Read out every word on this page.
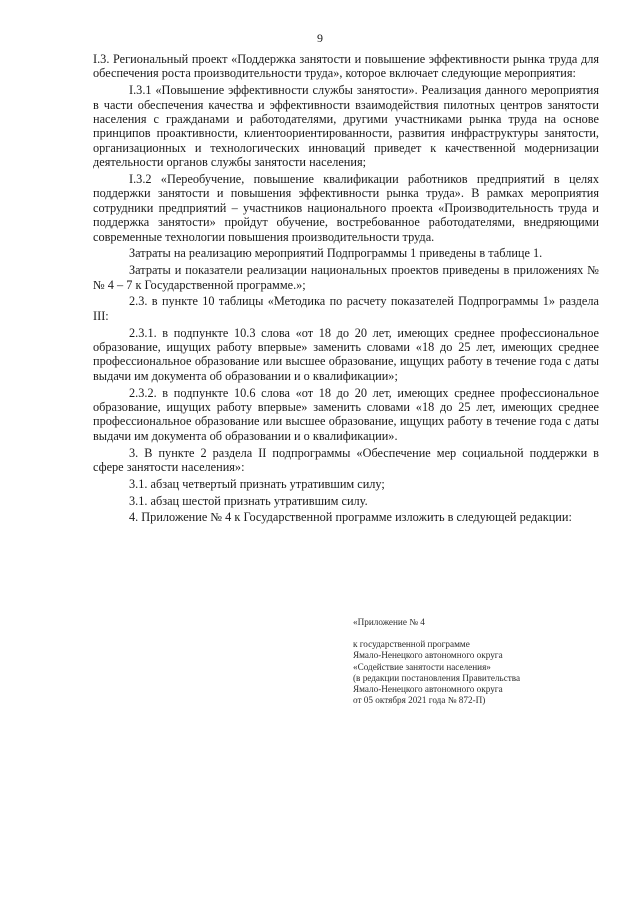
9

I.3. Региональный проект «Поддержка занятости и повышение эффективности рынка труда для обеспечения роста производительности труда», которое включает следующие мероприятия:

I.3.1 «Повышение эффективности службы занятости». Реализация данного мероприятия в части обеспечения качества и эффективности взаимодействия пилотных центров занятости населения с гражданами и работодателями, другими участниками рынка труда на основе принципов проактивности, клиентоориентированности, развития инфраструктуры занятости, организационных и технологических инноваций приведет к качественной модернизации деятельности органов службы занятости населения;

I.3.2 «Переобучение, повышение квалификации работников предприятий в целях поддержки занятости и повышения эффективности рынка труда». В рамках мероприятия сотрудники предприятий – участников национального проекта «Производительность труда и поддержка занятости» пройдут обучение, востребованное работодателями, внедряющими современные технологии повышения производительности труда.

Затраты на реализацию мероприятий Подпрограммы 1 приведены в таблице 1.

Затраты и показатели реализации национальных проектов приведены в приложениях №№ 4 – 7 к Государственной программе.»;

2.3. в пункте 10 таблицы «Методика по расчету показателей Подпрограммы 1» раздела III:

2.3.1. в подпункте 10.3 слова «от 18 до 20 лет, имеющих среднее профессиональное образование, ищущих работу впервые» заменить словами «18 до 25 лет, имеющих среднее профессиональное образование или высшее образование, ищущих работу в течение года с даты выдачи им документа об образовании и о квалификации»;

2.3.2. в подпункте 10.6 слова «от 18 до 20 лет, имеющих среднее профессиональное образование, ищущих работу впервые» заменить словами «18 до 25 лет, имеющих среднее профессиональное образование или высшее образование, ищущих работу в течение года с даты выдачи им документа об образовании и о квалификации».

3. В пункте 2 раздела II подпрограммы «Обеспечение мер социальной поддержки в сфере занятости населения»:

3.1. абзац четвертый признать утратившим силу;

3.1. абзац шестой признать утратившим силу.

4. Приложение № 4 к Государственной программе изложить в следующей редакции:

«Приложение № 4
к государственной программе
Ямало-Ненецкого автономного округа
«Содействие занятости населения»
(в редакции постановления Правительства
Ямало-Ненецкого автономного округа
от 05 октября 2021 года № 872-П)
